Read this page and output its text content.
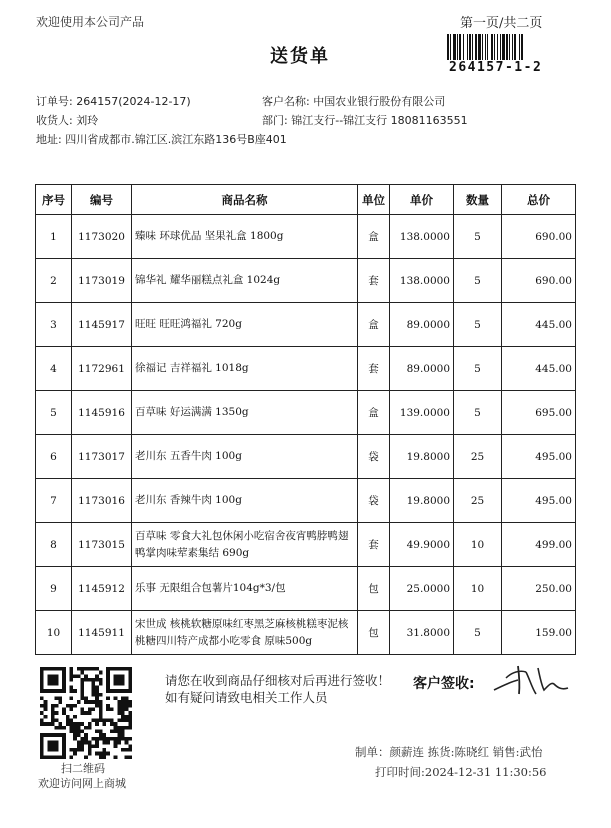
欢迎使用本公司产品	第一页/共二页
264157-1-2
送货单
订单号: 264157(2024-12-17)	客户名称: 中国农业银行股份有限公司
收货人: 刘玲	部门: 锦江支行--锦江支行 18081163551
地址: 四川省成都市.锦江区.滨江东路136号B座401
序号	编号	商品名称	单位	单价	数量	总价
1	1173020	臻味 环球优品 坚果礼盒 1800g	盒	138.0000	5	690.00
2	1173019	锦华礼 耀华丽糕点礼盒 1024g	套	138.0000	5	690.00
3	1145917	旺旺 旺旺鸿福礼 720g	盒	89.0000	5	445.00
4	1172961	徐福记 吉祥福礼 1018g	套	89.0000	5	445.00
5	1145916	百草味 好运满满 1350g	盒	139.0000	5	695.00
6	1173017	老川东 五香牛肉 100g	袋	19.8000	25	495.00
7	1173016	老川东 香辣牛肉 100g	袋	19.8000	25	495.00
8	1173015	百草味 零食大礼包休闲小吃宿舍夜宵鸭脖鸭翅鸭掌肉味荤素集结 690g	套	49.9000	10	499.00
9	1145912	乐事 无限组合包薯片104g*3/包	包	25.0000	10	250.00
10	1145911	宋世成 核桃软糖原味红枣黑芝麻核桃糕枣泥核桃糖四川特产成都小吃零食 原味500g	包	31.8000	5	159.00
扫二维码
欢迎访问网上商城
请您在收到商品仔细核对后再进行签收！如有疑问请致电相关工作人员
客户签收:
制单：颜薪连 拣货:陈晓红 销售:武怡
打印时间:2024-12-31 11:30:56
